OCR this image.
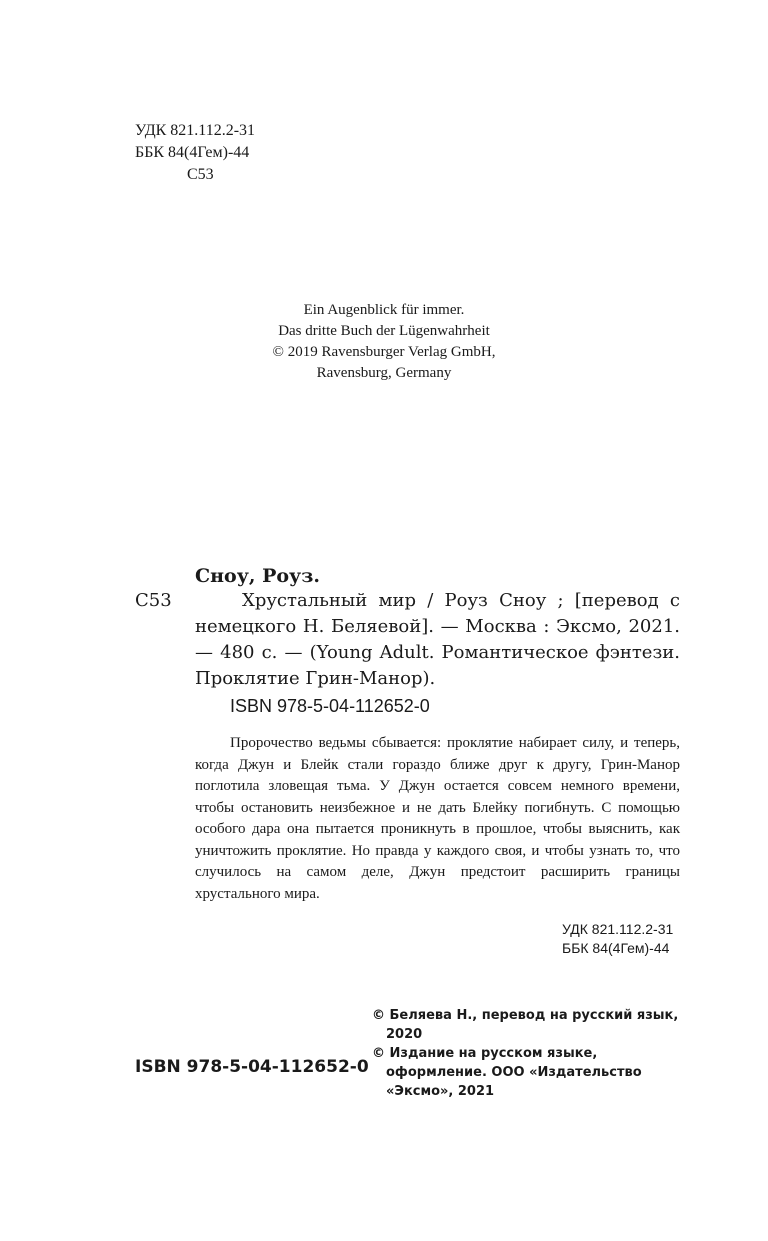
УДК 821.112.2-31
ББК 84(4Гем)-44
С53
Ein Augenblick für immer.
Das dritte Buch der Lügenwahrheit
© 2019 Ravensburger Verlag GmbH,
Ravensburg, Germany
Сноу, Роуз.
С53	Хрустальный мир / Роуз Сноу ; [перевод с немецкого Н. Беляевой]. — Москва : Эксмо, 2021. — 480 с. — (Young Adult. Романтическое фэнтези. Проклятие Грин-Манор).
ISBN 978-5-04-112652-0

Пророчество ведьмы сбывается: проклятие набирает силу, и теперь, когда Джун и Блейк стали гораздо ближе друг к другу, Грин-Манор поглотила зловещая тьма. У Джун остается совсем немного времени, чтобы остановить неизбежное и не дать Блейку погибнуть. С помощью особого дара она пытается проникнуть в прошлое, чтобы выяснить, как уничтожить проклятие. Но правда у каждого своя, и чтобы узнать то, что случилось на самом деле, Джун предстоит расширить границы хрустального мира.

УДК 821.112.2-31
ББК 84(4Гем)-44
© Беляева Н., перевод на русский язык, 2020
© Издание на русском языке, оформление. ООО «Издательство «Эксмо», 2021
ISBN 978-5-04-112652-0
